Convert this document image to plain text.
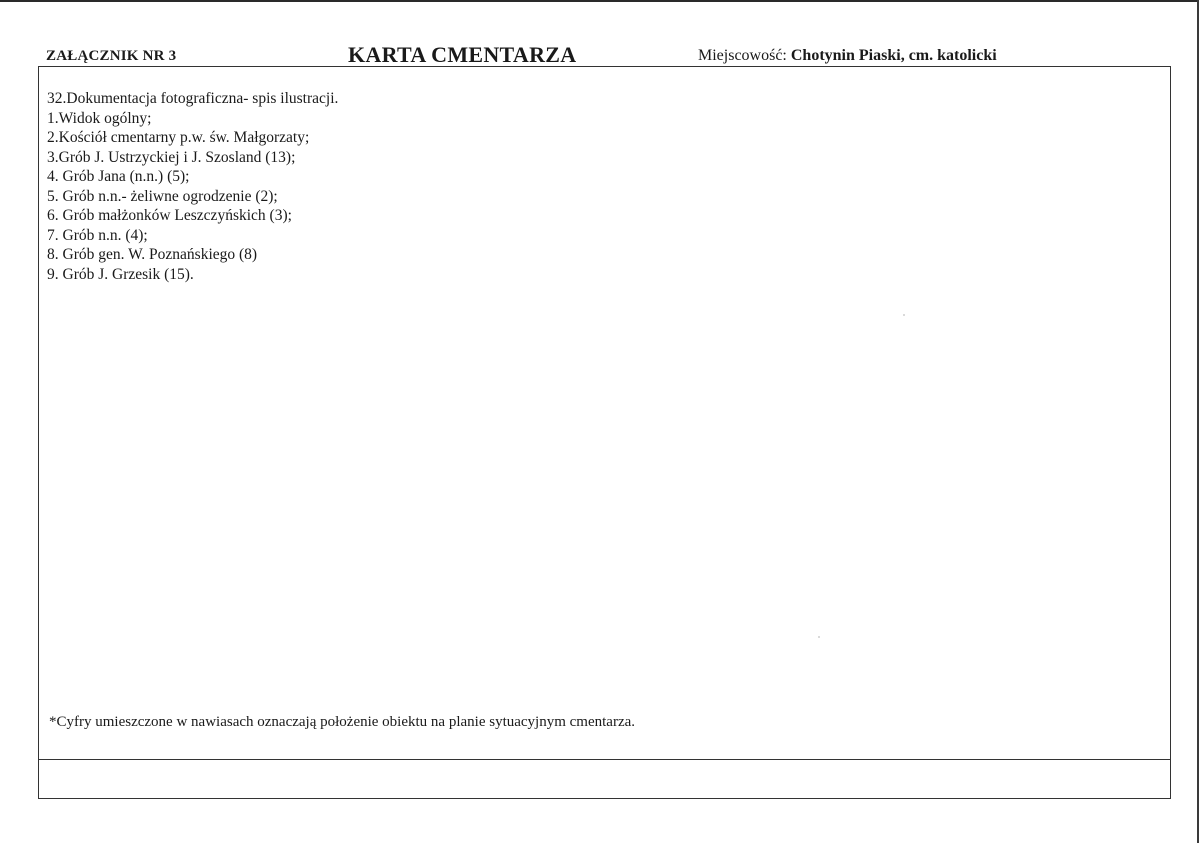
ZAŁĄCZNIK NR 3	KARTA CMENTARZA	Miejscowość: Chotynin Piaski, cm. katolicki
32.Dokumentacja fotograficzna- spis ilustracji.
1.Widok ogólny;
2.Kościół cmentarny p.w. św. Małgorzaty;
3.Grób J. Ustrzyckiej i J. Szosland (13);
4. Grób Jana (n.n.) (5);
5. Grób n.n.- żeliwne ogrodzenie (2);
6. Grób małżonków Leszczyńskich (3);
7. Grób n.n. (4);
8. Grób gen. W. Poznańskiego (8)
9. Grób J. Grzesik (15).
*Cyfry umieszczone w nawiasach oznaczają położenie obiektu na planie sytuacyjnym cmentarza.
